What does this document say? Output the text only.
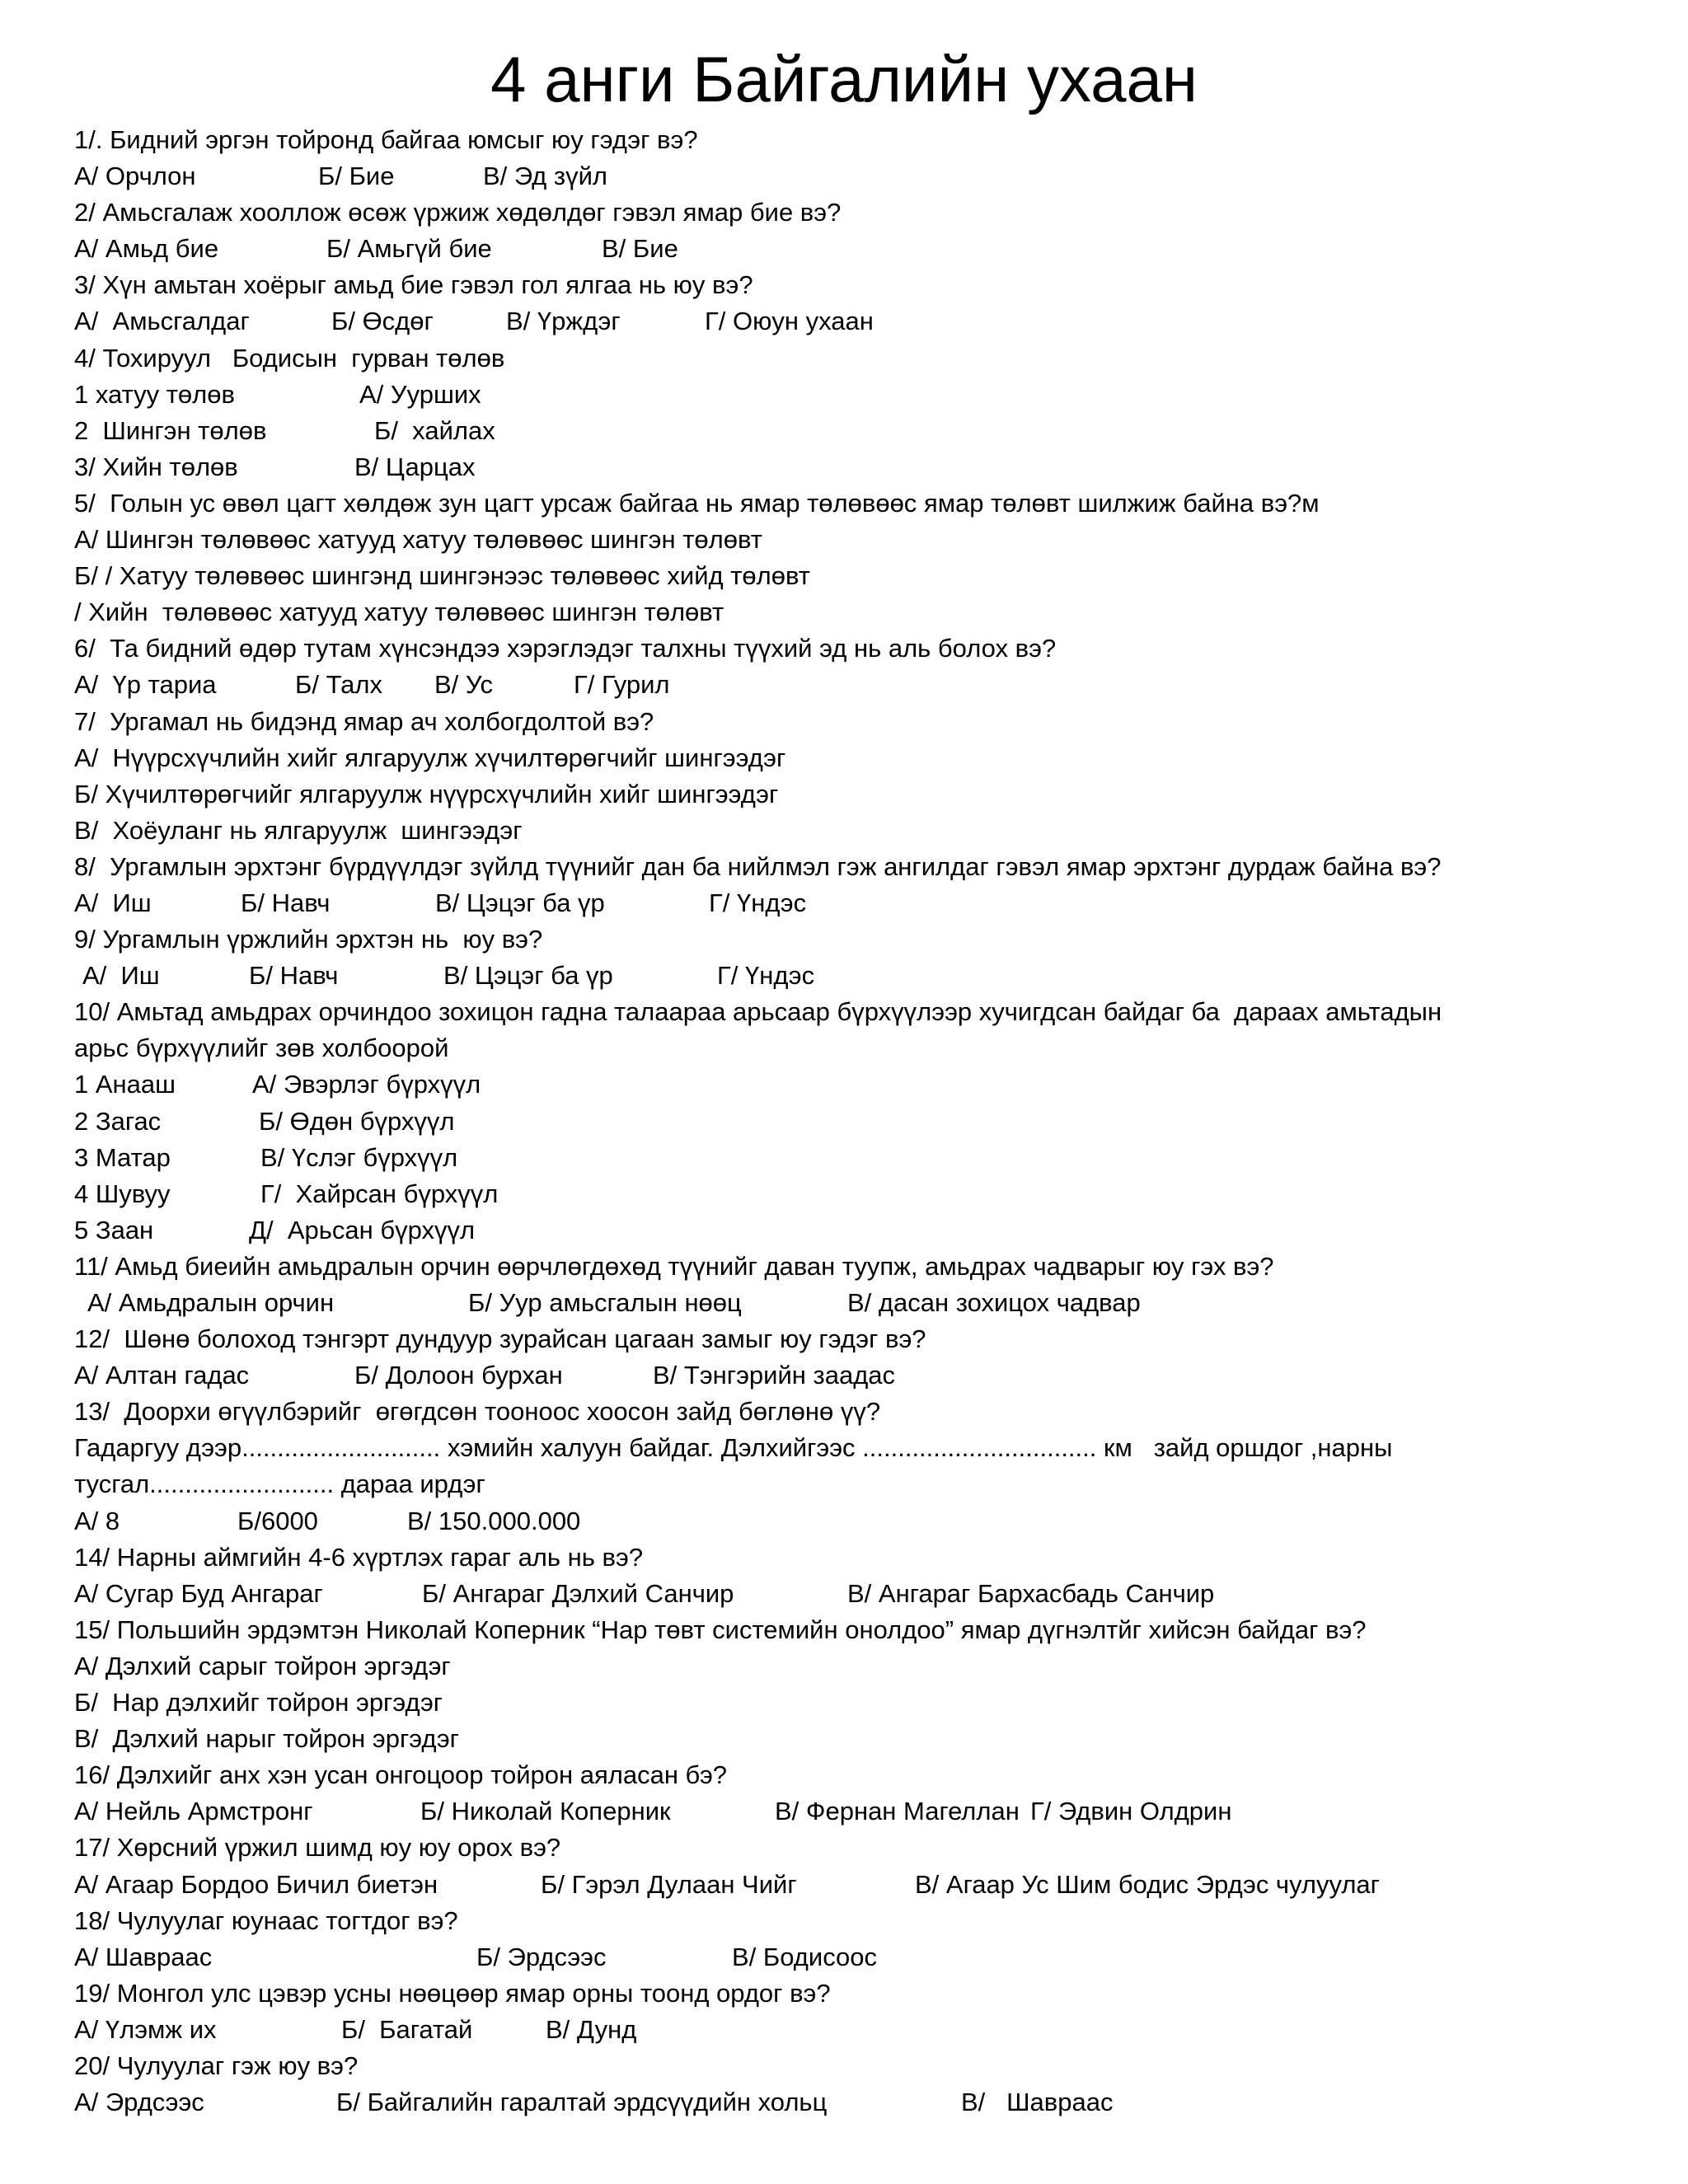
4 анги Байгалийн ухаан
1/. Бидний эргэн тойронд байгаа юмсыг юу гэдэг вэ?
А/ Орчлон	Б/ Бие	В/ Эд зүйл
2/ Амьсгалаж хооллож өсөж үржиж хөдөлдөг гэвэл ямар бие вэ?
А/ Амьд бие	Б/ Амьгүй бие	В/ Бие
3/ Хүн амьтан хоёрыг амьд бие гэвэл гол ялгаа нь юу вэ?
А/  Амьсгалдаг	Б/ Өсдөг	В/ Үрждэг	Г/ Оюун ухаан
4/ Тохируул   Бодисын  гурван төлөв
1 хатуу төлөв	А/ Уурших
2  Шингэн төлөв	Б/  хайлах
3/ Хийн төлөв	В/ Царцах
5/  Голын ус өвөл цагт хөлдөж зун цагт урсаж байгаа нь ямар төлөвөөс ямар төлөвт шилжиж байна вэ?м
А/ Шингэн төлөвөөс хатууд хатуу төлөвөөс шингэн төлөвт
Б/ / Хатуу төлөвөөс шингэнд шингэнээс төлөвөөс хийд төлөвт
/ Хийн  төлөвөөс хатууд хатуу төлөвөөс шингэн төлөвт
6/  Та бидний өдөр тутам хүнсэндээ хэрэглэдэг талхны түүхий эд нь аль болох вэ?
А/  Үр тариа	Б/ Талх В/ Ус	Г/ Гурил
7/  Ургамал нь бидэнд ямар ач холбогдолтой вэ?
А/  Нүүрсхүчлийн хийг ялгаруулж хүчилтөрөгчийг шингээдэг
Б/ Хүчилтөрөгчийг ялгаруулж нүүрсхүчлийн хийг шингээдэг
В/  Хоёуланг нь ялгаруулж  шингээдэг
8/  Ургамлын эрхтэнг бүрдүүлдэг зүйлд түүнийг дан ба нийлмэл гэж ангилдаг гэвэл ямар эрхтэнг дурдаж байна вэ?
А/  Иш	Б/ Навч	В/ Цэцэг ба үр	Г/ Үндэс
9/ Ургамлын үржлийн эрхтэн нь  юу вэ?
А/  Иш	Б/ Навч	В/ Цэцэг ба үр	Г/ Үндэс
10/ Амьтад амьдрах орчиндоо зохицон гадна талаараа арьсаар бүрхүүлээр хучигдсан байдаг ба  дараах амьтадын
арьс бүрхүүлийг зөв холбоорой
1 Анааш	А/ Эвэрлэг бүрхүүл
2 Загас	Б/ Өдөн бүрхүүл
3 Матар	В/ Үслэг бүрхүүл
4 Шувуу	Г/  Хайрсан бүрхүүл
5 Заан	Д/  Арьсан бүрхүүл
11/ Амьд биеийн амьдралын орчин өөрчлөгдөхөд түүнийг даван туупж, амьдрах чадварыг юу гэх вэ?
А/ Амьдралын орчин	Б/ Уур амьсгалын нөөц	В/ дасан зохицох чадвар
12/  Шөнө болоход тэнгэрт дундуур зурайсан цагаан замыг юу гэдэг вэ?
А/ Алтан гадас	Б/ Долоон бурхан	В/ Тэнгэрийн заадас
13/  Доорхи өгүүлбэрийг  өгөгдсөн тооноос хоосон зайд бөглөнө үү?
Гадаргуу дээр............................ хэмийн халуун байдаг. Дэлхийгээс ................................. км   зайд оршдог ,нарны
тусгал.......................... дараа ирдэг
А/ 8	Б/6000	В/ 150.000.000
14/ Нарны аймгийн 4-6 хүртлэх гараг аль нь вэ?
А/ Сугар Буд Ангараг	Б/ Ангараг Дэлхий Санчир	В/ Ангараг Бархасбадь Санчир
15/ Польшийн эрдэмтэн Николай Коперник “Нар төвт системийн онолдоо” ямар дүгнэлтйг хийсэн байдаг вэ?
А/ Дэлхий сарыг тойрон эргэдэг
Б/  Нар дэлхийг тойрон эргэдэг
В/  Дэлхий нарыг тойрон эргэдэг
16/ Дэлхийг анх хэн усан онгоцоор тойрон аяласан бэ?
А/ Нейль Армстронг	Б/ Николай Коперник	В/ Фернан Магеллан Г/ Эдвин Олдрин
17/ Хөрсний үржил шимд юу юу орох вэ?
А/ Агаар Бордоо Бичил биетэн	Б/ Гэрэл Дулаан Чийг	В/ Агаар Ус Шим бодис Эрдэс чулуулаг
18/ Чулуулаг юунаас тогтдог вэ?
А/ Шавраас	Б/ Эрдсээс	В/ Бодисоос
19/ Монгол улс цэвэр усны нөөцөөр ямар орны тоонд ордог вэ?
А/ Үлэмж их	Б/  Багатай	В/ Дунд
20/ Чулуулаг гэж юу вэ?
А/ Эрдсээс	Б/ Байгалийн гаралтай эрдсүүдийн хольц	В/   Шавраас
